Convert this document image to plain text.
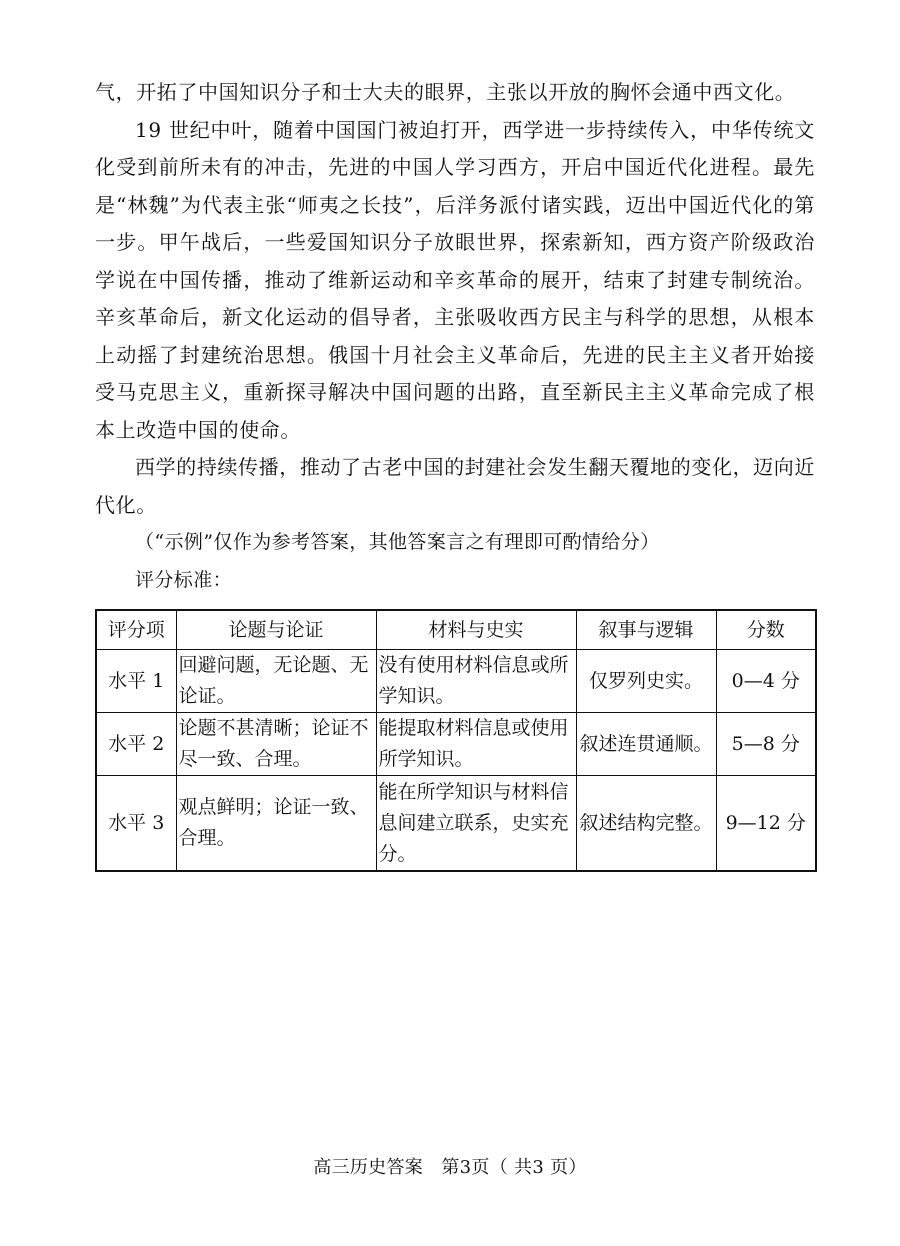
气，开拓了中国知识分子和士大夫的眼界，主张以开放的胸怀会通中西文化。

19 世纪中叶，随着中国国门被迫打开，西学进一步持续传入，中华传统文化受到前所未有的冲击，先进的中国人学习西方，开启中国近代化进程。最先是“林魏”为代表主张“师夷之长技”，后洋务派付诸实践，迈出中国近代化的第一步。甲午战后，一些爱国知识分子放眼世界，探索新知，西方资产阶级政治学说在中国传播，推动了维新运动和辛亥革命的展开，结束了封建专制统治。辛亥革命后，新文化运动的倡导者，主张吸收西方民主与科学的思想，从根本上动摇了封建统治思想。俄国十月社会主义革命后，先进的民主主义者开始接受马克思主义，重新探寻解决中国问题的出路，直至新民主主义革命完成了根本上改造中国的使命。

西学的持续传播，推动了古老中国的封建社会发生翻天覆地的变化，迈向近代化。

（“示例”仅作为参考答案，其他答案言之有理即可酌情给分）

评分标准：

评分项	论题与论证	材料与史实	叙事与逻辑	分数
水平 1	回避问题，无论题、无论证。	没有使用材料信息或所学知识。	仅罗列史实。	0—4 分
水平 2	论题不甚清晰；论证不尽一致、合理。	能提取材料信息或使用所学知识。	叙述连贯通顺。	5—8 分
水平 3	观点鲜明；论证一致、合理。	能在所学知识与材料信息间建立联系，史实充分。	叙述结构完整。	9—12 分
高三历史答案　第3页（ 共3 页）
